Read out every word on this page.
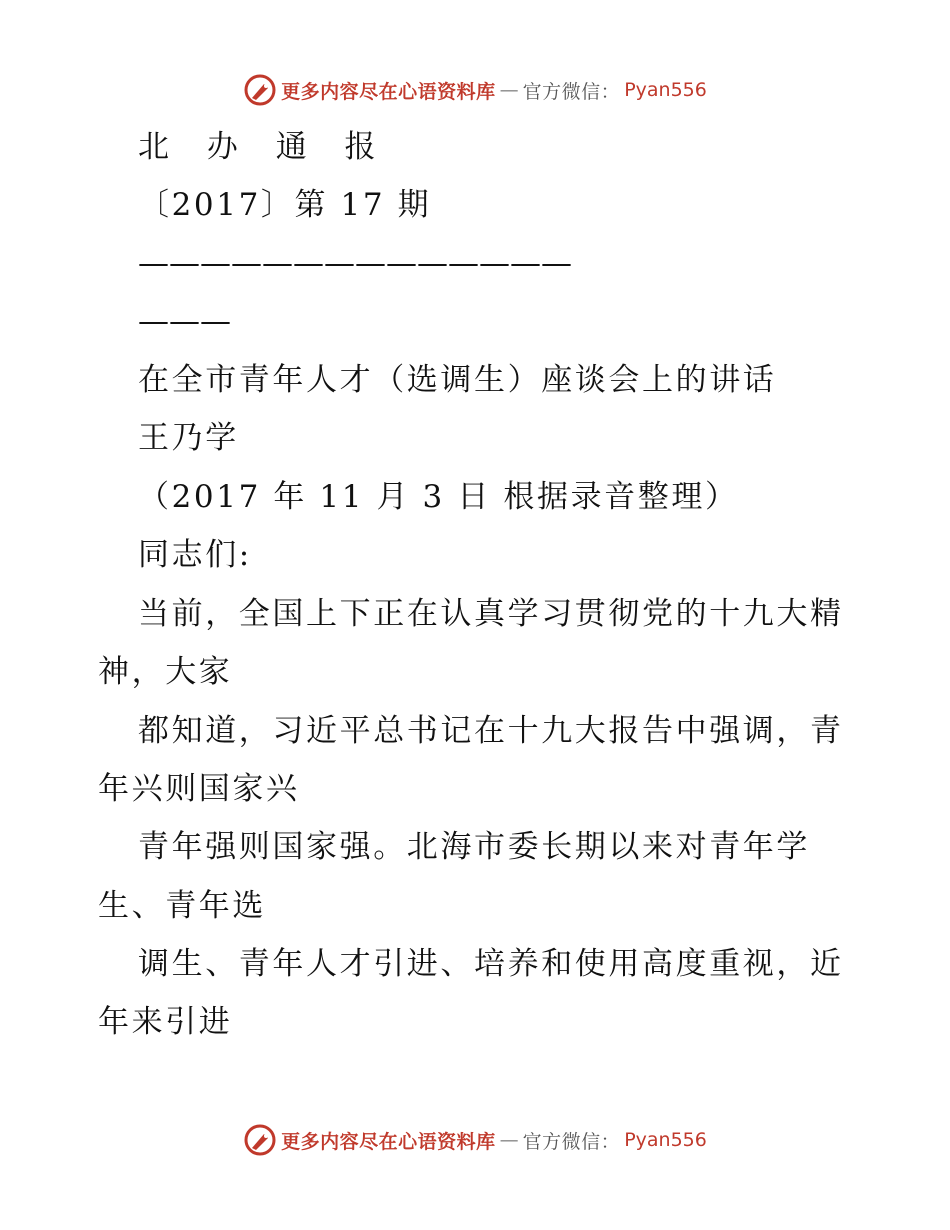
更多内容尽在心语资料库 — 官方微信： Pyan556
北 办 通 报
〔2017〕第 17 期
——————————————
———
在全市青年人才（选调生）座谈会上的讲话
王乃学
（2017 年 11 月 3 日 根据录音整理）
同志们:
当前，全国上下正在认真学习贯彻党的十九大精
神，大家
都知道，习近平总书记在十九大报告中强调，青
年兴则国家兴
青年强则国家强。北海市委长期以来对青年学
生、青年选
调生、青年人才引进、培养和使用高度重视，近
年来引进
更多内容尽在心语资料库 — 官方微信： Pyan556
